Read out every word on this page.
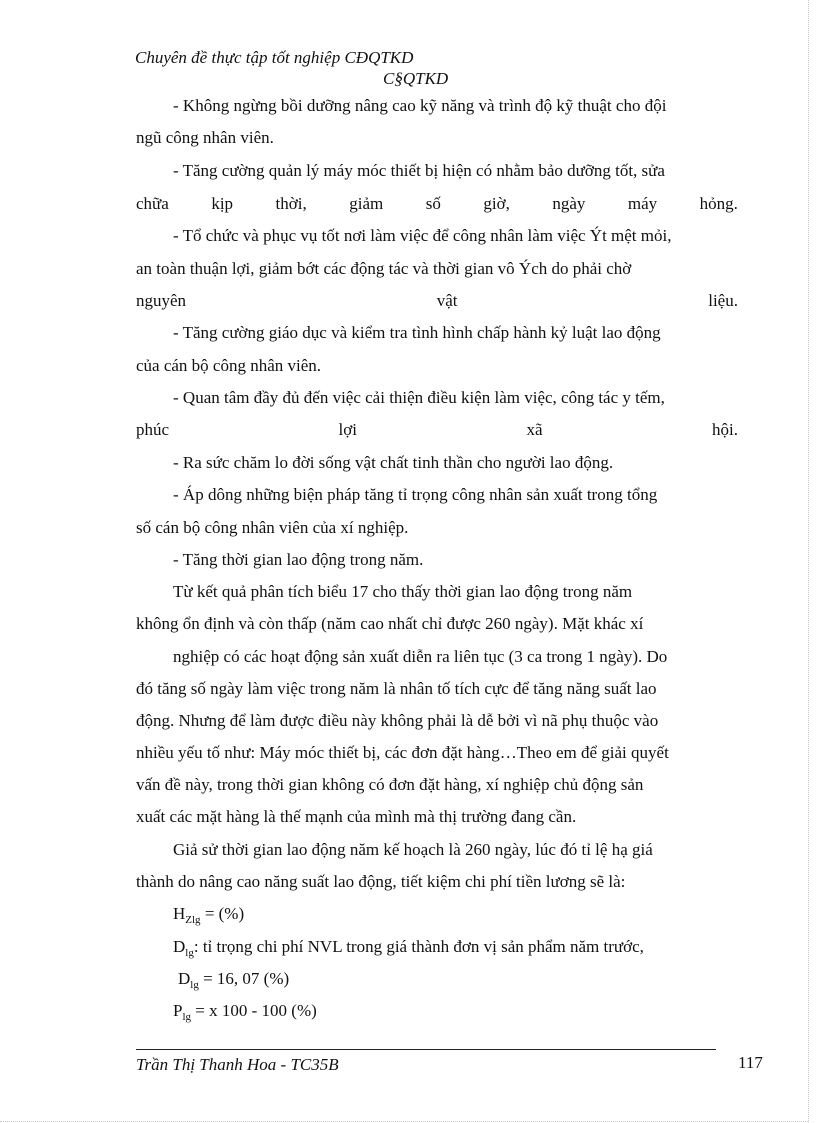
Chuyên đề thực tập tốt nghiệp CĐQTKD
C§QTKD
- Không ngừng bồi dưỡng nâng cao kỹ năng và trình độ kỹ thuật cho đội
ngũ công nhân viên.
- Tăng cường quản lý máy móc thiết bị hiện có nhằm bảo dưỡng tốt, sửa
chữa	kịp	thời,	giảm	số	giờ,	ngày	máy	hỏng.
- Tổ chức và phục vụ tốt nơi làm việc để công nhân làm việc Ýt mệt mỏi,
an toàn thuận lợi, giảm bớt các động tác và thời gian vô Ých do phải chờ
nguyên	vật	liệu.
- Tăng cường giáo dục và kiểm tra tình hình chấp hành kỷ luật lao động
của cán bộ công nhân viên.
- Quan tâm đầy đủ đến việc cải thiện điều kiện làm việc, công tác y tếm,
phúc	lợi	xã	hội.
- Ra sức chăm lo đời sống vật chất tinh thần cho người lao động.
- Áp dông những biện pháp tăng tỉ trọng công nhân sản xuất trong tổng
số cán bộ công nhân viên của xí nghiệp.
- Tăng thời gian lao động trong năm.
Từ kết quả phân tích biểu 17 cho thấy thời gian lao động trong năm
không ổn định và còn thấp (năm cao nhất chỉ được 260 ngày). Mặt khác xí
nghiệp có các hoạt động sản xuất diễn ra liên tục (3 ca trong 1 ngày). Do
đó tăng số ngày làm việc trong năm là nhân tố tích cực để tăng năng suất lao
động. Nhưng để làm được điều này không phải là dễ bởi vì nã phụ thuộc vào
nhiều yếu tố như: Máy móc thiết bị, các đơn đặt hàng…Theo em để giải quyết
vấn đề này, trong thời gian không có đơn đặt hàng, xí nghiệp chủ động sản
xuất các mặt hàng là thế mạnh của mình mà thị trường đang cần.
Giả sử thời gian lao động năm kế hoạch là 260 ngày, lúc đó tỉ lệ hạ giá
thành do nâng cao năng suất lao động, tiết kiệm chi phí tiền lương sẽ là:
$H_{Zlg}$ = (%)
$D_{lg}$: tỉ trọng chi phí NVL trong giá thành đơn vị sản phẩm năm trước,
$D_{lg} = 16$, 07 (%)
$P_{lg} = x$ 100 - 100 (%)
Trần Thị Thanh Hoa - TC35B	117
